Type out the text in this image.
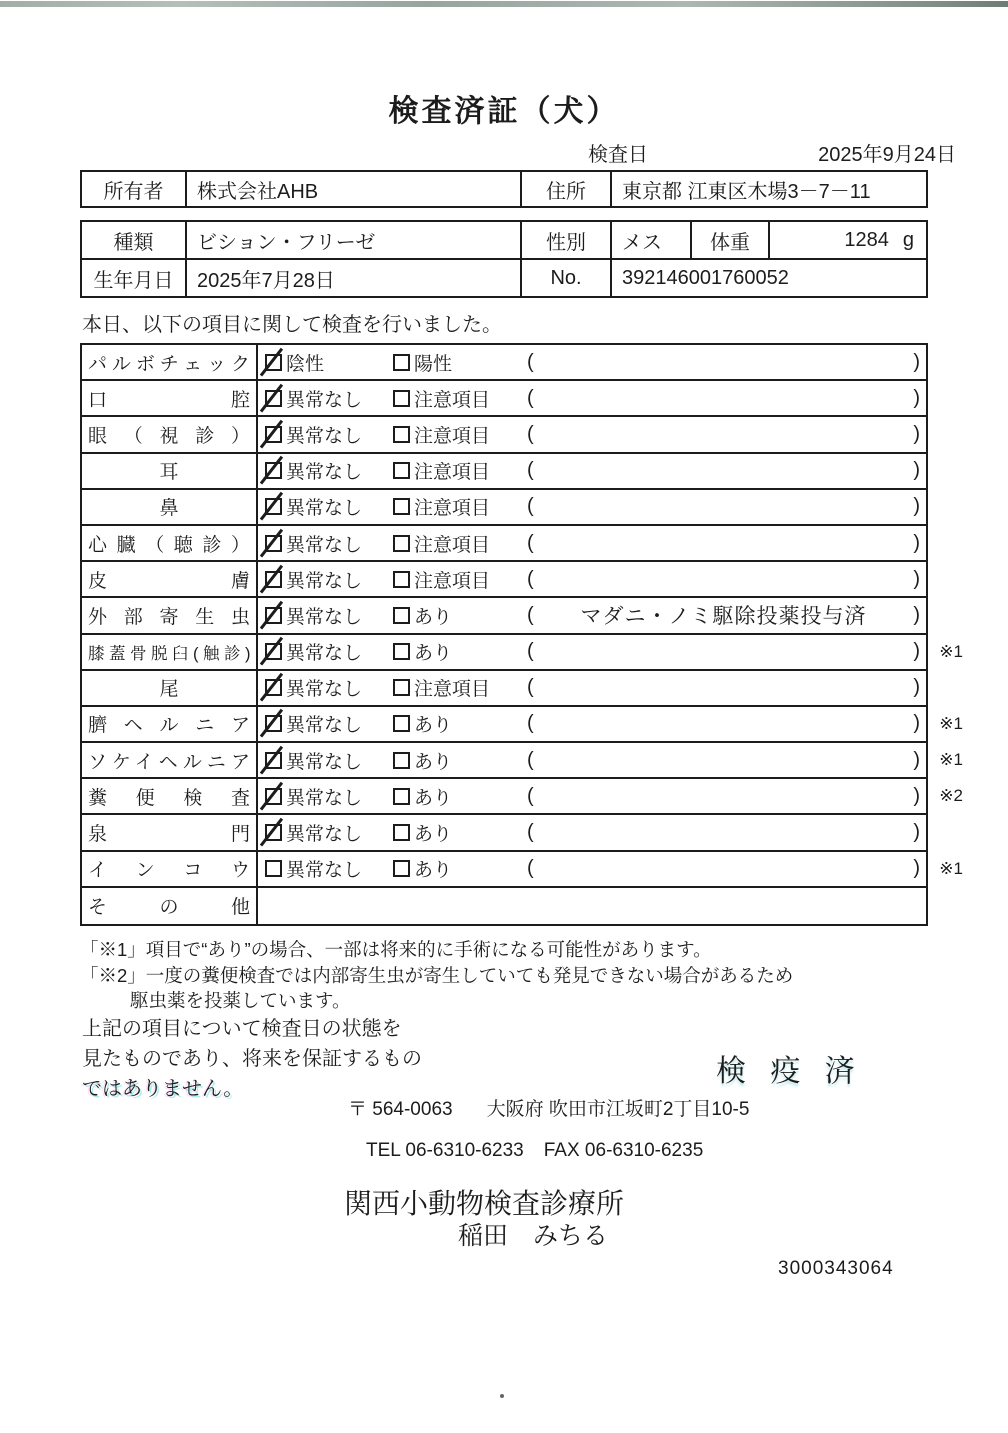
検査済証（犬）
検査日	2025年9月24日
所有者	株式会社AHB	住所	東京都 江東区木場3－7－11
種類	ビション・フリーゼ	性別	メス	体重	1284 g
生年月日	2025年7月28日	No.	392146001760052
本日、以下の項目に関して検査を行いました。
パルボチェック 陰性	陽性	(	)
口腔 異常なし	注意項目 (	)
眼（視診） 異常なし	注意項目 (	)
耳	異常なし	注意項目 (	)
鼻	異常なし	注意項目 (	)
心臓（聴診） 異常なし	注意項目 (	)
皮膚 異常なし	注意項目 (	)
外部寄生虫 異常なし	あり	(	マダニ・ノミ駆除投薬投与済	)
膝蓋骨脱臼(触診) 異常なし	あり	(	) ※1
尾	異常なし	注意項目 (	)
臍ヘルニア 異常なし	あり	(	) ※1
ソケイヘルニア 異常なし	あり	(	) ※1
糞便検査 異常なし	あり	(	) ※2
泉門 異常なし	あり	(	)
インコウ 異常なし	あり	(	) ※1
その他
「※1」項目で“あり”の場合、一部は将来的に手術になる可能性があります。
「※2」一度の糞便検査では内部寄生虫が寄生していても発見できない場合があるため
駆虫薬を投薬しています。
上記の項目について検査日の状態を
見たものであり、将来を保証するもの
ではありません。
検 疫 済
〒 564-0063 大阪府 吹田市江坂町2丁目10-5
TEL 06-6310-6233 FAX 06-6310-6235
関西小動物検査診療所
稲田　みちる
3000343064
